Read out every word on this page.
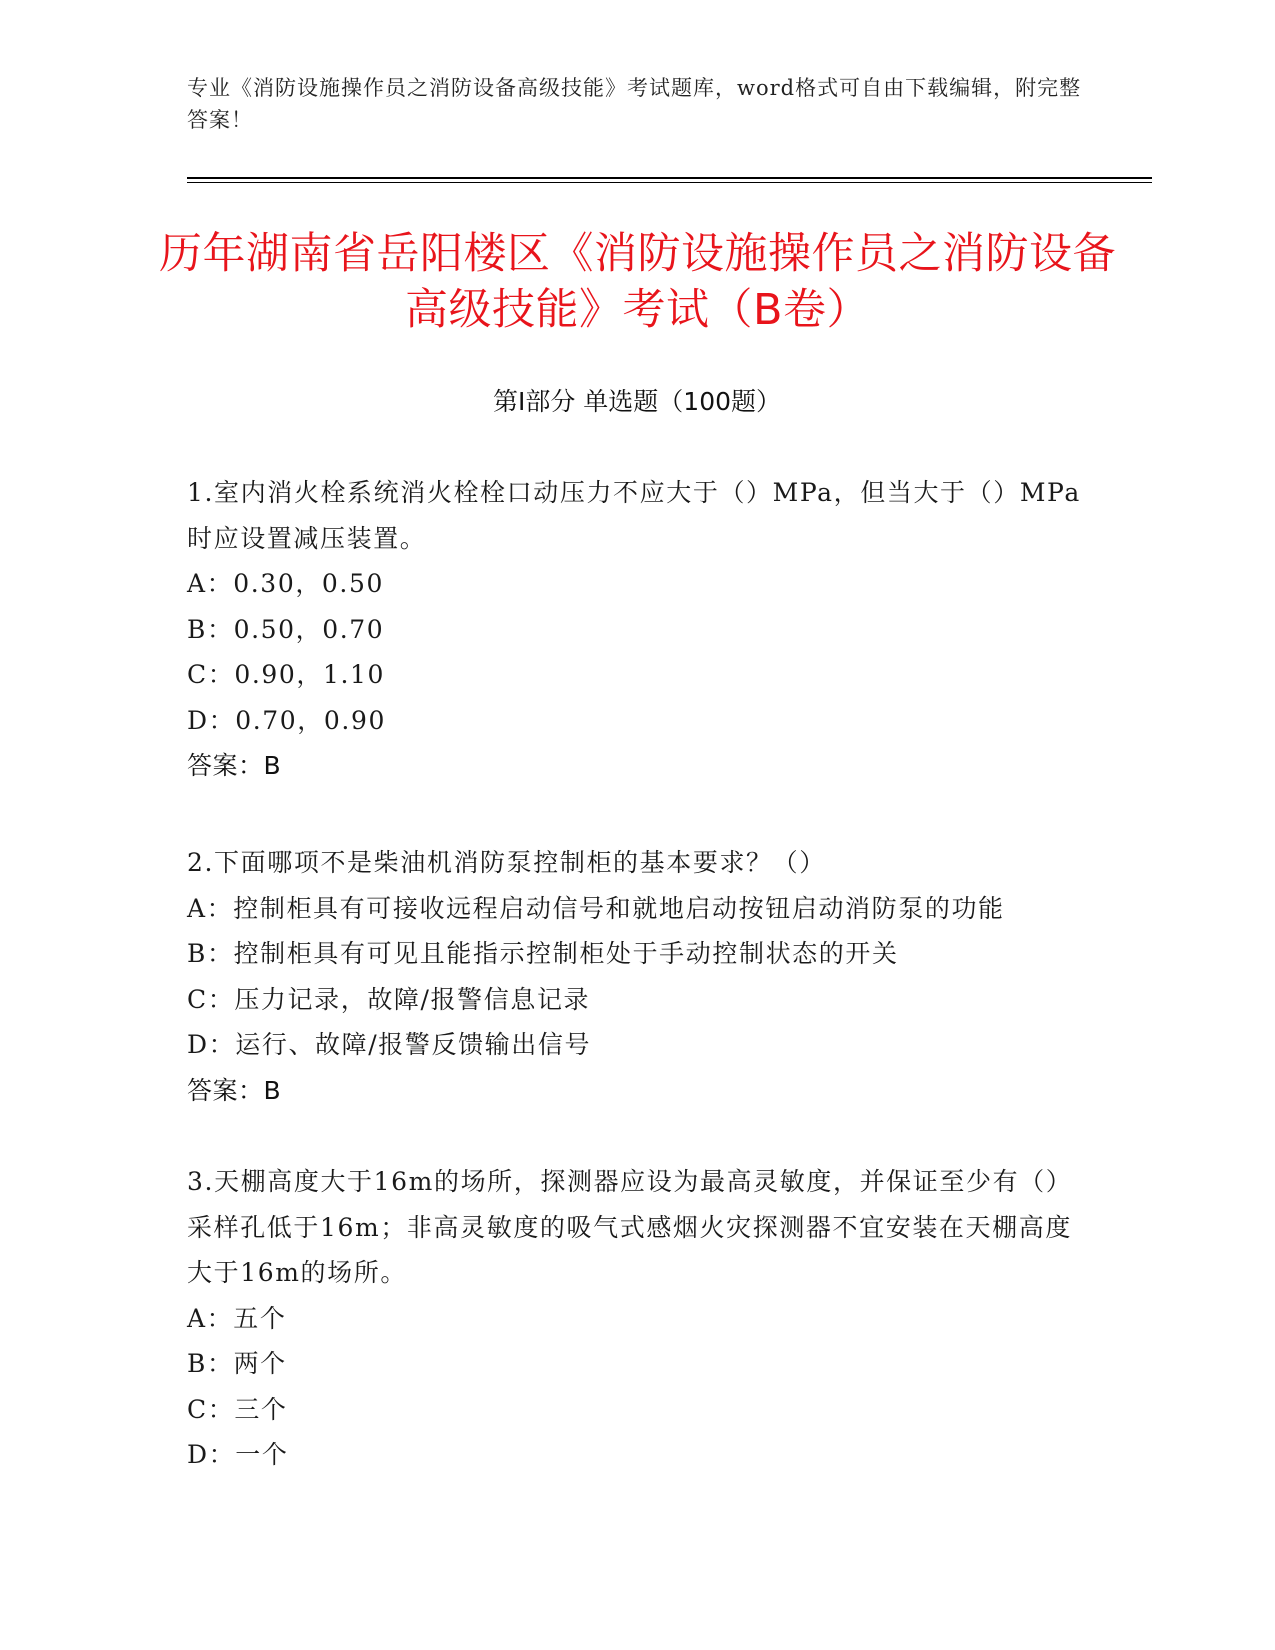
专业《消防设施操作员之消防设备高级技能》考试题库，word格式可自由下载编辑，附完整答案！
历年湖南省岳阳楼区《消防设施操作员之消防设备高级技能》考试（B卷）
第I部分 单选题（100题）
1.室内消火栓系统消火栓栓口动压力不应大于（）MPa，但当大于（）MPa时应设置减压装置。
A：0.30，0.50
B：0.50，0.70
C：0.90，1.10
D：0.70，0.90
答案：B
2.下面哪项不是柴油机消防泵控制柜的基本要求？（）
A：控制柜具有可接收远程启动信号和就地启动按钮启动消防泵的功能
B：控制柜具有可见且能指示控制柜处于手动控制状态的开关
C：压力记录，故障/报警信息记录
D：运行、故障/报警反馈输出信号
答案：B
3.天棚高度大于16m的场所，探测器应设为最高灵敏度，并保证至少有（）采样孔低于16m；非高灵敏度的吸气式感烟火灾探测器不宜安装在天棚高度大于16m的场所。
A：五个
B：两个
C：三个
D：一个
